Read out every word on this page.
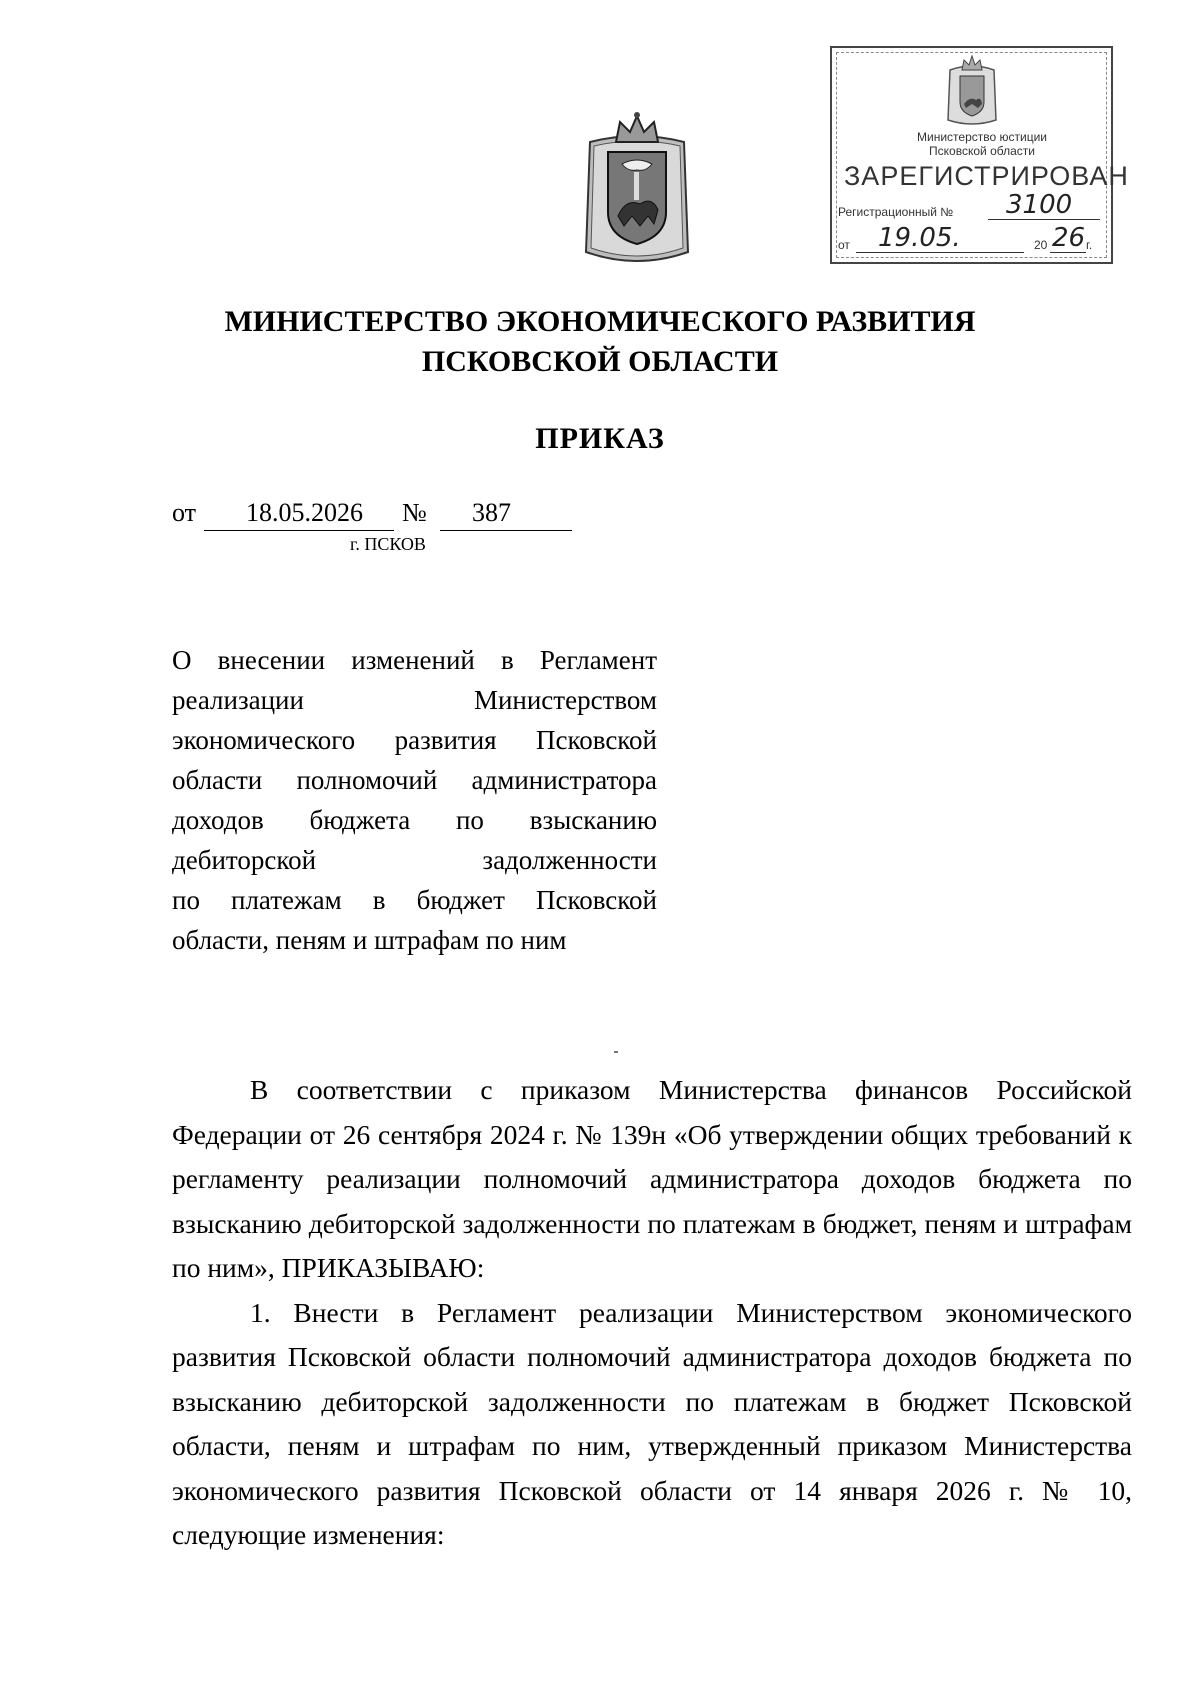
Министерство юстиции
Псковской области
ЗАРЕГИСТРИРОВАН
Регистрационный № 3100
от 19.05.	20 26 г.
МИНИСТЕРСТВО ЭКОНОМИЧЕСКОГО РАЗВИТИЯ
ПСКОВСКОЙ ОБЛАСТИ
ПРИКАЗ
от 18.05.2026 № 387
г. ПСКОВ
О внесении изменений в Регламент
реализации Министерством
экономического развития Псковской
области полномочий администратора
доходов бюджета по взысканию
дебиторской задолженности
по платежам в бюджет Псковской
области, пеням и штрафам по ним

В соответствии с приказом Министерства финансов Российской Федерации от 26 сентября 2024 г. № 139н «Об утверждении общих требований к регламенту реализации полномочий администратора доходов бюджета по взысканию дебиторской задолженности по платежам в бюджет, пеням и штрафам по ним», ПРИКАЗЫВАЮ:

1. Внести в Регламент реализации Министерством экономического развития Псковской области полномочий администратора доходов бюджета по взысканию дебиторской задолженности по платежам в бюджет Псковской области, пеням и штрафам по ним, утвержденный приказом Министерства экономического развития Псковской области от 14 января 2026 г. № 10, следующие изменения:
